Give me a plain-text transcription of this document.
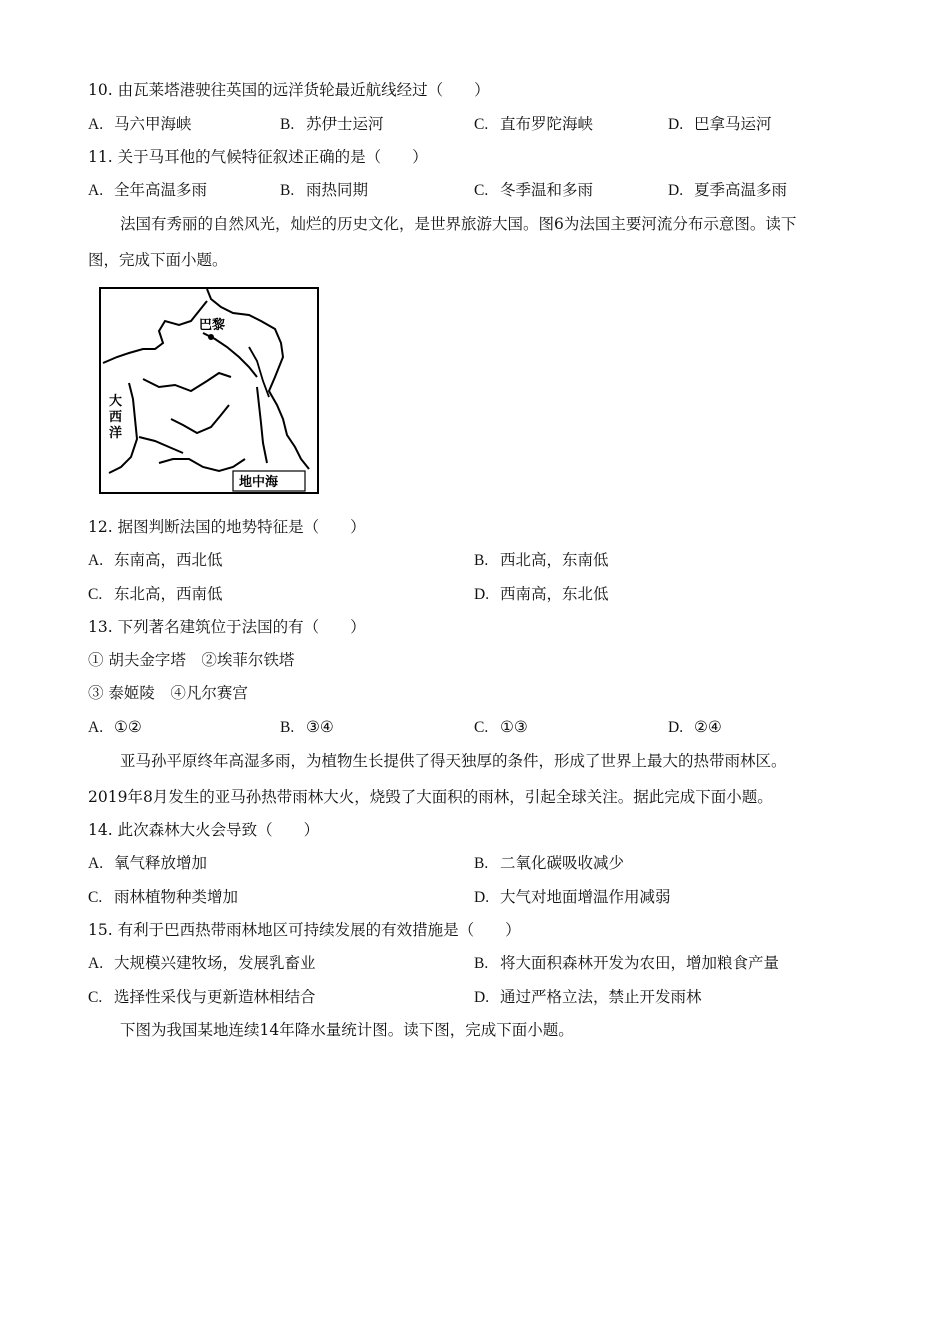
10. 由瓦莱塔港驶往英国的远洋货轮最近航线经过（　　）
A. 马六甲海峡	B. 苏伊士运河	C. 直布罗陀海峡	D. 巴拿马运河
11. 关于马耳他的气候特征叙述正确的是（　　）
A. 全年高温多雨	B. 雨热同期	C. 冬季温和多雨	D. 夏季高温多雨
法国有秀丽的自然风光，灿烂的历史文化，是世界旅游大国。图6为法国主要河流分布示意图。读下
图，完成下面小题。
巴黎
大
西
洋
地中海
12. 据图判断法国的地势特征是（　　）
A. 东南高，西北低	B. 西北高，东南低
C. 东北高，西南低	D. 西南高，东北低
13. 下列著名建筑位于法国的有（　　）
① 胡夫金字塔　②埃菲尔铁塔
③ 泰姬陵　④凡尔赛宫
A. ①②	B. ③④	C. ①③	D. ②④
亚马孙平原终年高湿多雨，为植物生长提供了得天独厚的条件，形成了世界上最大的热带雨林区。
2019年8月发生的亚马孙热带雨林大火，烧毁了大面积的雨林，引起全球关注。据此完成下面小题。
14. 此次森林大火会导致（　　）
A. 氧气释放增加	B. 二氧化碳吸收减少
C. 雨林植物种类增加	D. 大气对地面增温作用减弱
15. 有利于巴西热带雨林地区可持续发展的有效措施是（　　）
A. 大规模兴建牧场，发展乳畜业	B. 将大面积森林开发为农田，增加粮食产量
C. 选择性采伐与更新造林相结合	D. 通过严格立法，禁止开发雨林
下图为我国某地连续14年降水量统计图。读下图，完成下面小题。
